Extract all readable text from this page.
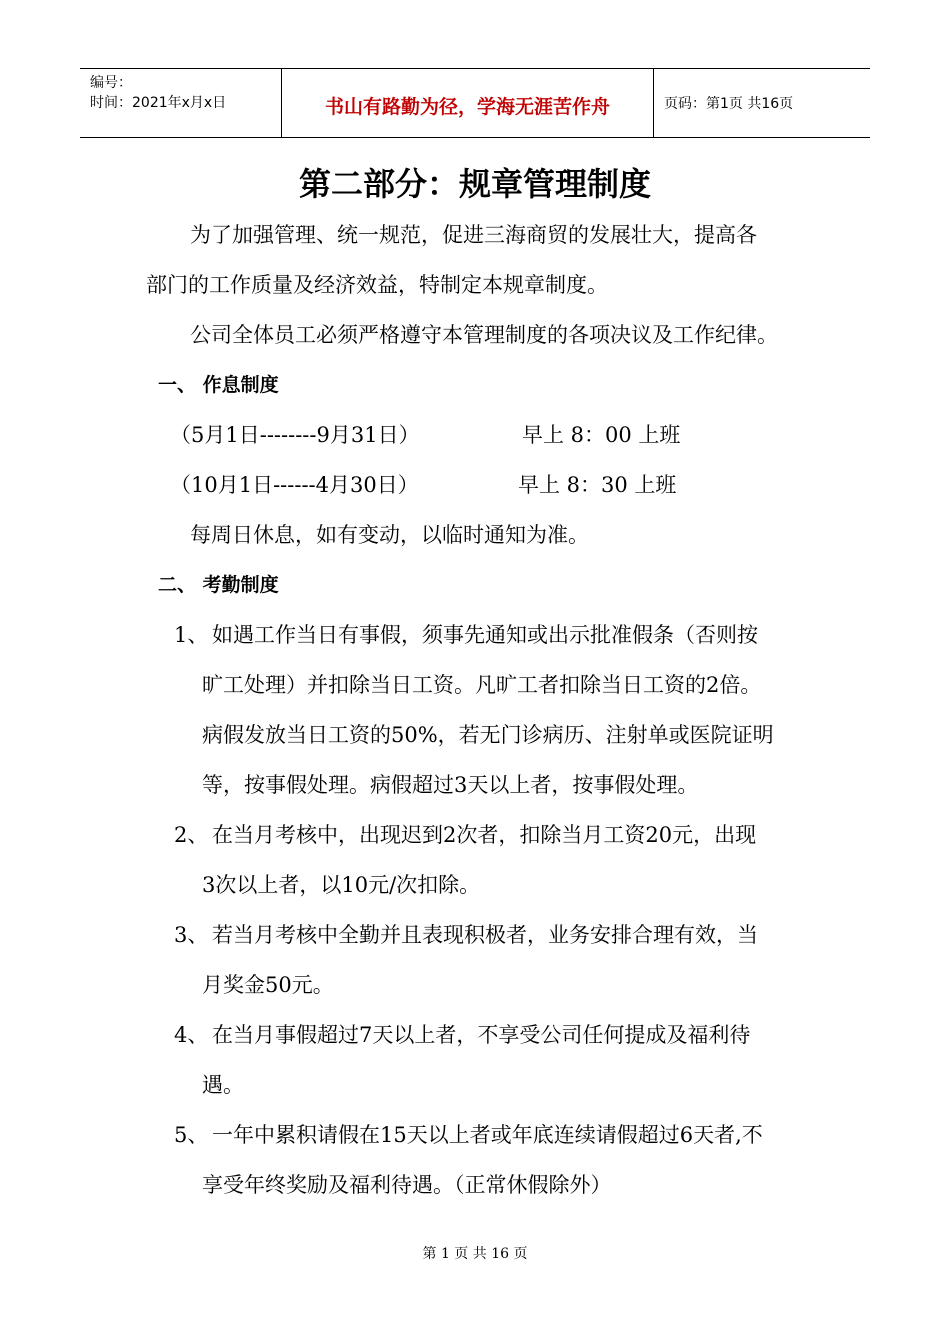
编号：
时间：2021年x月x日	书山有路勤为径，学海无涯苦作舟	页码：第1页 共16页
第二部分：规章管理制度
为了加强管理、统一规范，促进三海商贸的发展壮大，提高各
部门的工作质量及经济效益，特制定本规章制度。
公司全体员工必须严格遵守本管理制度的各项决议及工作纪律。
一、 作息制度
（5月1日--------9月31日）	早上 8：00 上班
（10月1日------4月30日）	早上 8：30 上班
每周日休息，如有变动，以临时通知为准。
二、 考勤制度
1、 如遇工作当日有事假，须事先通知或出示批准假条（否则按
旷工处理）并扣除当日工资。凡旷工者扣除当日工资的2倍。
病假发放当日工资的50%，若无门诊病历、注射单或医院证明
等，按事假处理。病假超过3天以上者，按事假处理。
2、 在当月考核中，出现迟到2次者，扣除当月工资20元，出现
3次以上者，以10元/次扣除。
3、 若当月考核中全勤并且表现积极者，业务安排合理有效，当
月奖金50元。
4、 在当月事假超过7天以上者，不享受公司任何提成及福利待
遇。
5、 一年中累积请假在15天以上者或年底连续请假超过6天者,不
享受年终奖励及福利待遇。（正常休假除外）
第 1 页 共 16 页
